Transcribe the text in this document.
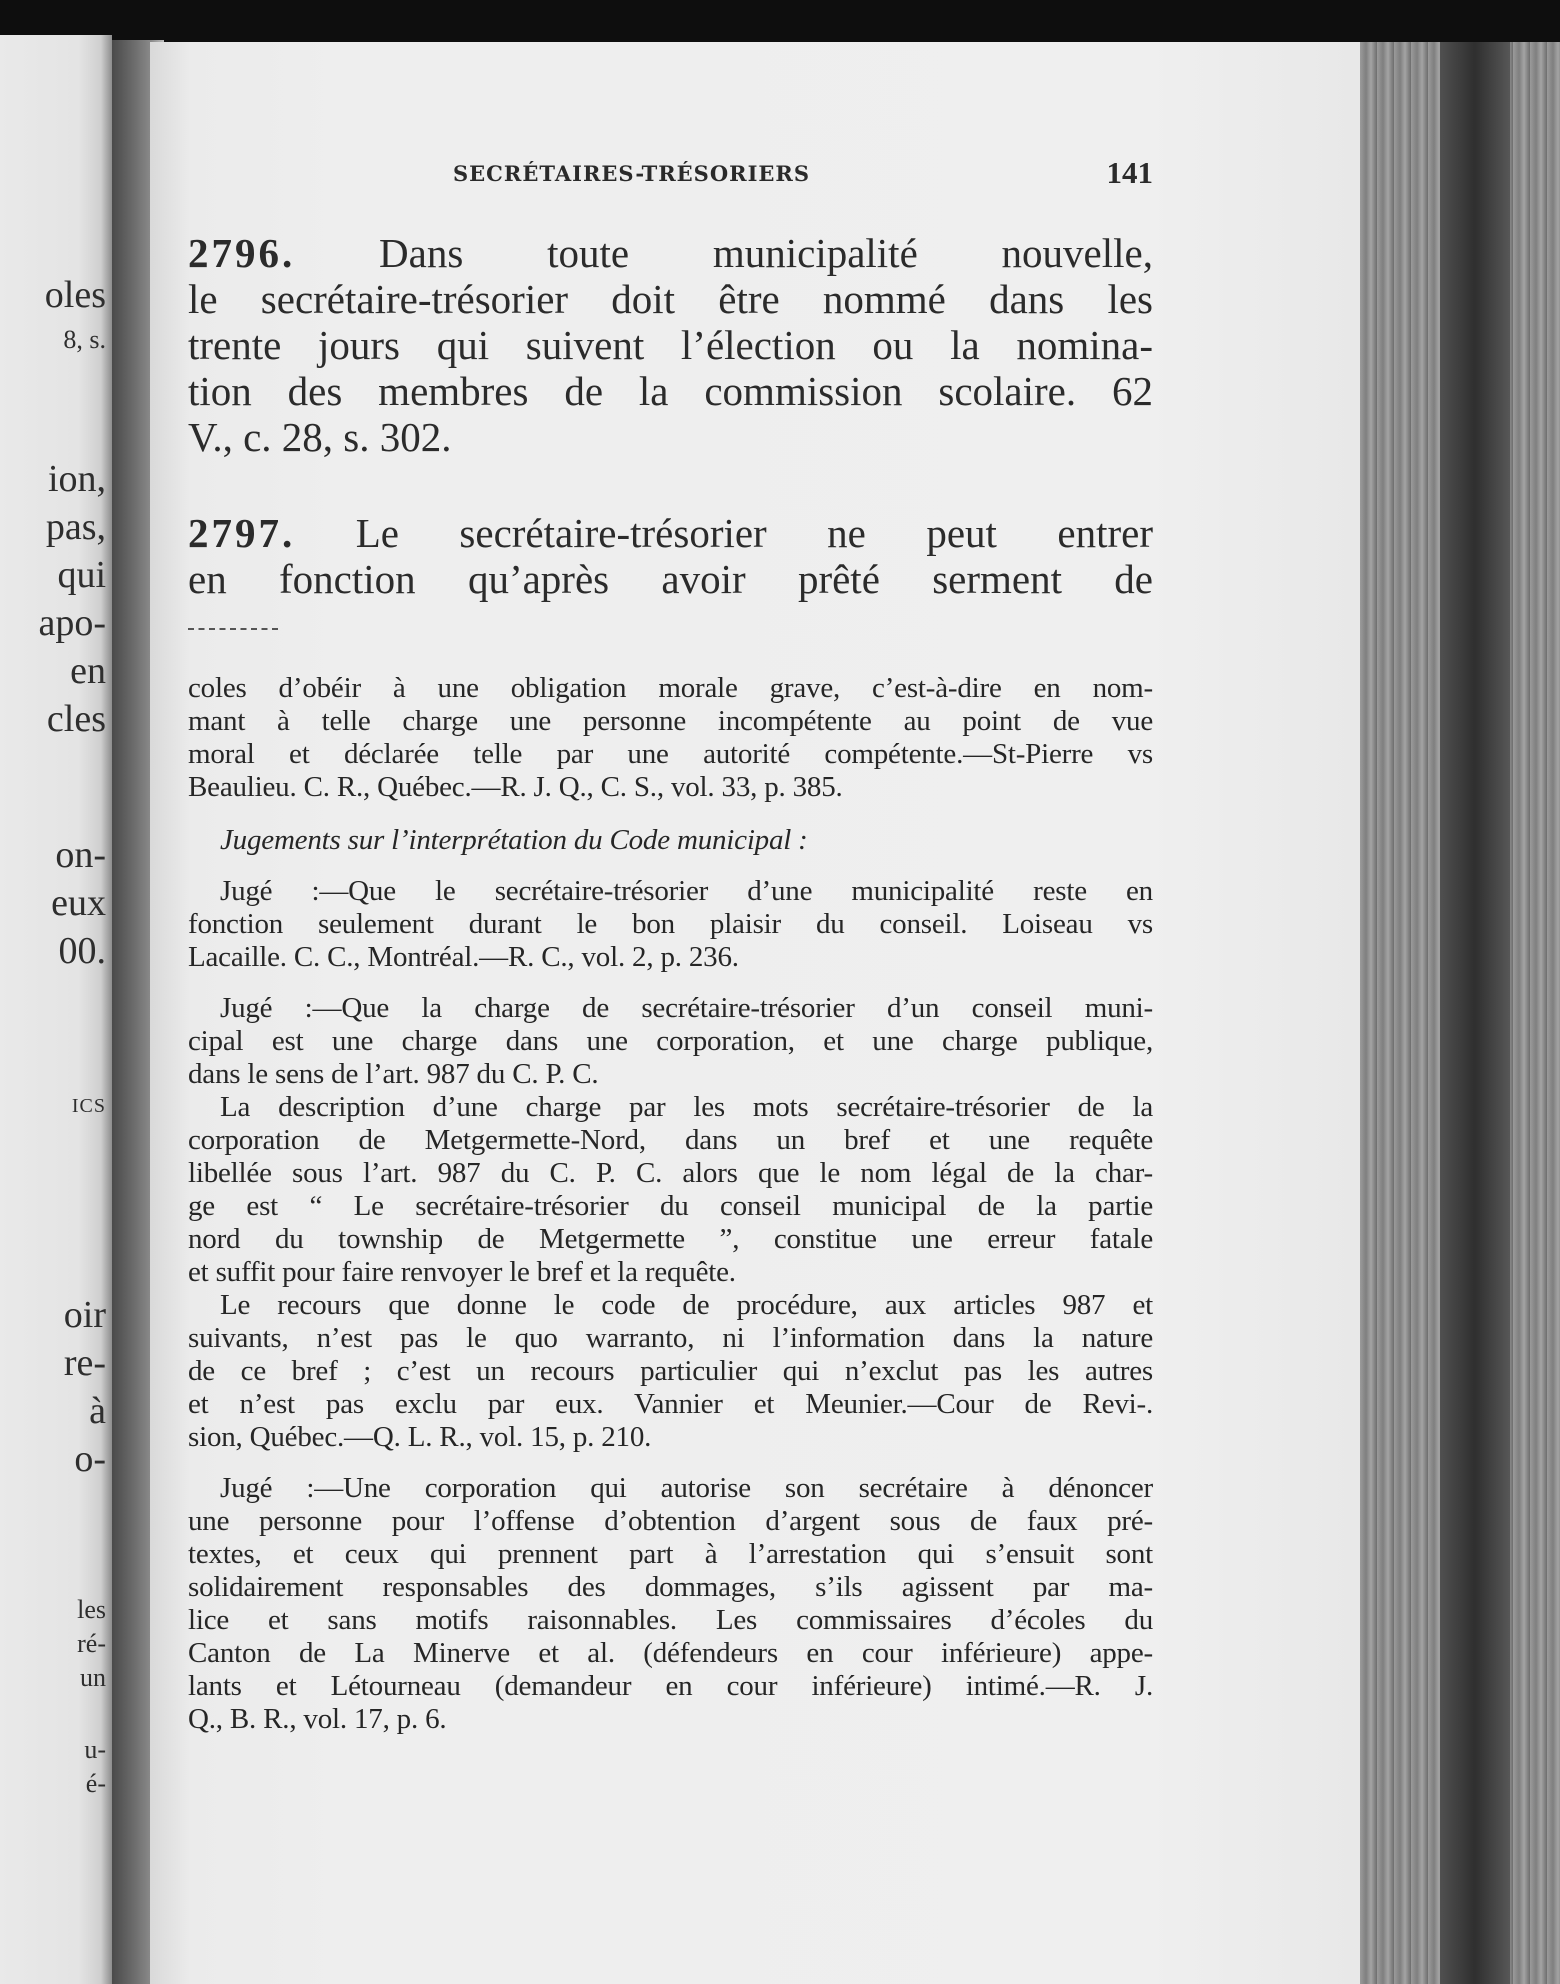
oles
8, s.
ion,
pas,
qui
apo-
en
cles
on-
eux
00.
ICS
oir
re-
à
o-
les
ré-
un
u-
é-
SECRÉTAIRES-TRÉSORIERS	141
2796. Dans toute municipalité nouvelle,
le secrétaire-trésorier doit être nommé dans les
trente jours qui suivent l’élection ou la nomina-
tion des membres de la commission scolaire. 62
V., c. 28, s. 302.
2797. Le secrétaire-trésorier ne peut entrer
en fonction qu’après avoir prêté serment de
coles d’obéir à une obligation morale grave, c’est-à-dire en nom-
mant à telle charge une personne incompétente au point de vue
moral et déclarée telle par une autorité compétente.—St-Pierre vs
Beaulieu. C. R., Québec.—R. J. Q., C. S., vol. 33, p. 385.
Jugements sur l’interprétation du Code municipal :
Jugé :—Que le secrétaire-trésorier d’une municipalité reste en
fonction seulement durant le bon plaisir du conseil. Loiseau vs
Lacaille. C. C., Montréal.—R. C., vol. 2, p. 236.
Jugé :—Que la charge de secrétaire-trésorier d’un conseil muni-
cipal est une charge dans une corporation, et une charge publique,
dans le sens de l’art. 987 du C. P. C.
La description d’une charge par les mots secrétaire-trésorier de la
corporation de Metgermette-Nord, dans un bref et une requête
libellée sous l’art. 987 du C. P. C. alors que le nom légal de la char-
ge est “ Le secrétaire-trésorier du conseil municipal de la partie
nord du township de Metgermette ”, constitue une erreur fatale
et suffit pour faire renvoyer le bref et la requête.
Le recours que donne le code de procédure, aux articles 987 et
suivants, n’est pas le quo warranto, ni l’information dans la nature
de ce bref ; c’est un recours particulier qui n’exclut pas les autres
et n’est pas exclu par eux. Vannier et Meunier.—Cour de Revi-.
sion, Québec.—Q. L. R., vol. 15, p. 210.
Jugé :—Une corporation qui autorise son secrétaire à dénoncer
une personne pour l’offense d’obtention d’argent sous de faux pré-
textes, et ceux qui prennent part à l’arrestation qui s’ensuit sont
solidairement responsables des dommages, s’ils agissent par ma-
lice et sans motifs raisonnables. Les commissaires d’écoles du
Canton de La Minerve et al. (défendeurs en cour inférieure) appe-
lants et Létourneau (demandeur en cour inférieure) intimé.—R. J.
Q., B. R., vol. 17, p. 6.
